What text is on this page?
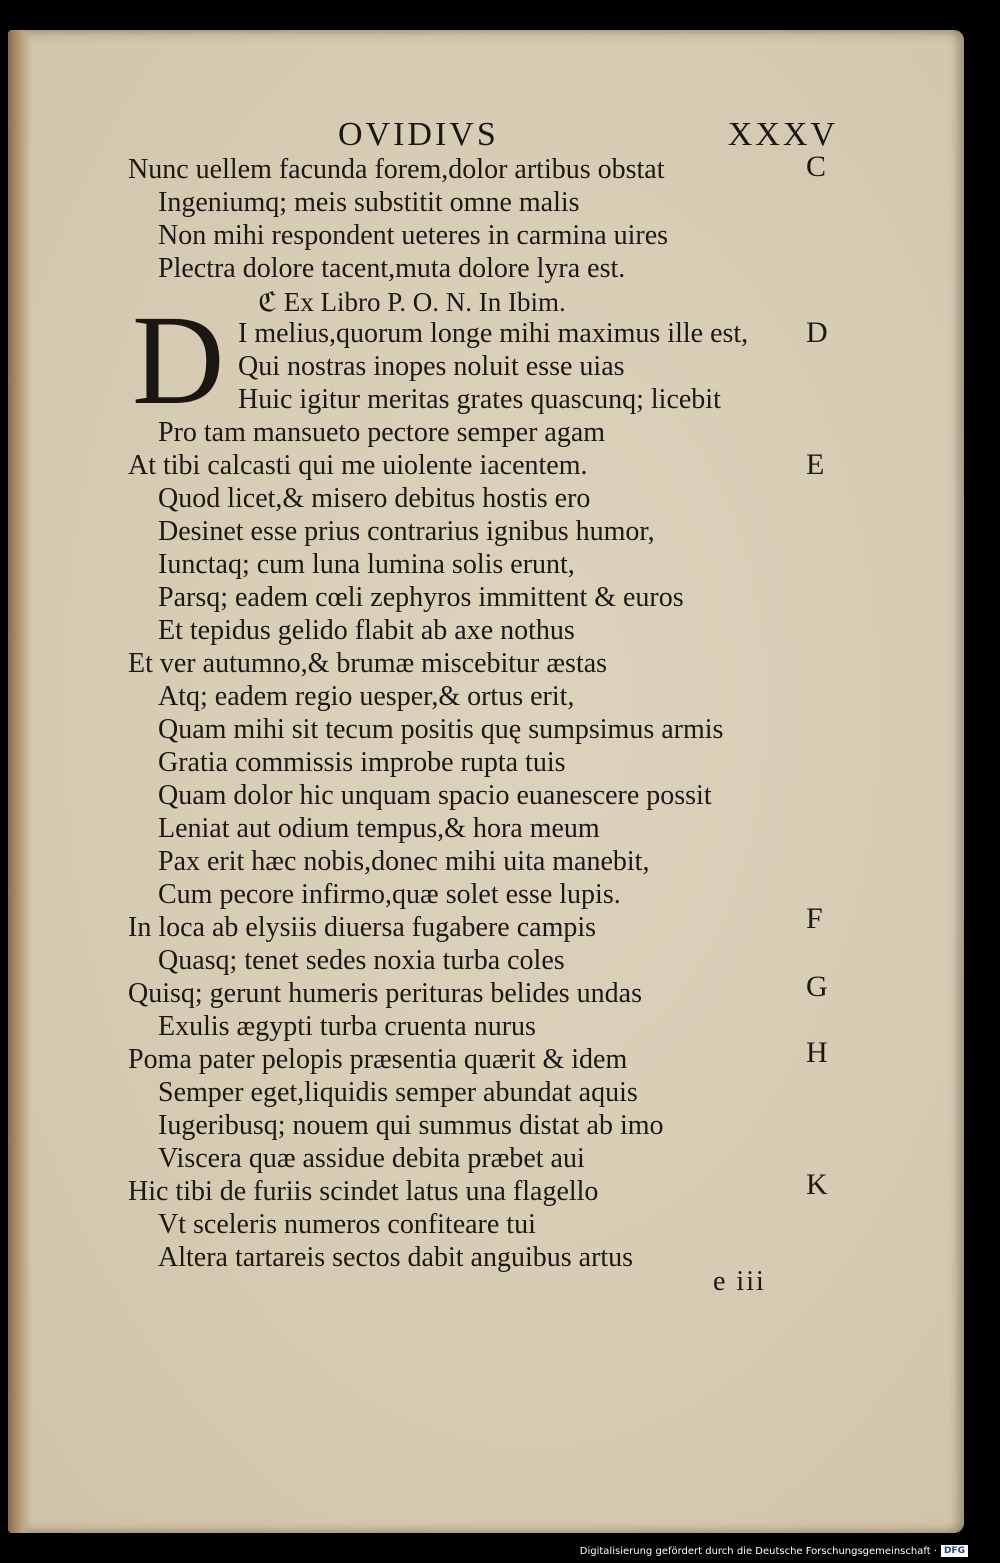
OVIDIVS	XXXV
D
Nunc uellem facunda forem,dolor artibus obstat
Ingeniumq; meis substitit omne malis
Non mihi respondent ueteres in carmina uires
Plectra dolore tacent,muta dolore lyra est.
ℭ Ex Libro P. O. N. In Ibim.
I melius,quorum longe mihi maximus ille est,
Qui nostras inopes noluit esse uias
Huic igitur meritas grates quascunq; licebit
Pro tam mansueto pectore semper agam
At tibi calcasti qui me uiolente iacentem.
Quod licet,& misero debitus hostis ero
Desinet esse prius contrarius ignibus humor,
Iunctaq; cum luna lumina solis erunt,
Parsq; eadem cœli zephyros immittent & euros
Et tepidus gelido flabit ab axe nothus
Et ver autumno,& brumæ miscebitur æstas
Atq; eadem regio uesper,& ortus erit,
Quam mihi sit tecum positis quę sumpsimus armis
Gratia commissis improbe rupta tuis
Quam dolor hic unquam spacio euanescere possit
Leniat aut odium tempus,& hora meum
Pax erit hæc nobis,donec mihi uita manebit,
Cum pecore infirmo,quæ solet esse lupis.
In loca ab elysiis diuersa fugabere campis
Quasq; tenet sedes noxia turba coles
Quisq; gerunt humeris perituras belides undas
Exulis ægypti turba cruenta nurus
Poma pater pelopis præsentia quærit & idem
Semper eget,liquidis semper abundat aquis
Iugeribusq; nouem qui summus distat ab imo
Viscera quæ assidue debita præbet aui
Hic tibi de furiis scindet latus una flagello
Vt sceleris numeros confiteare tui
Altera tartareis sectos dabit anguibus artus
C
D
E
F
G
H
K
e iii
Digitalisierung gefördert durch die Deutsche Forschungsgemeinschaft · DFG
